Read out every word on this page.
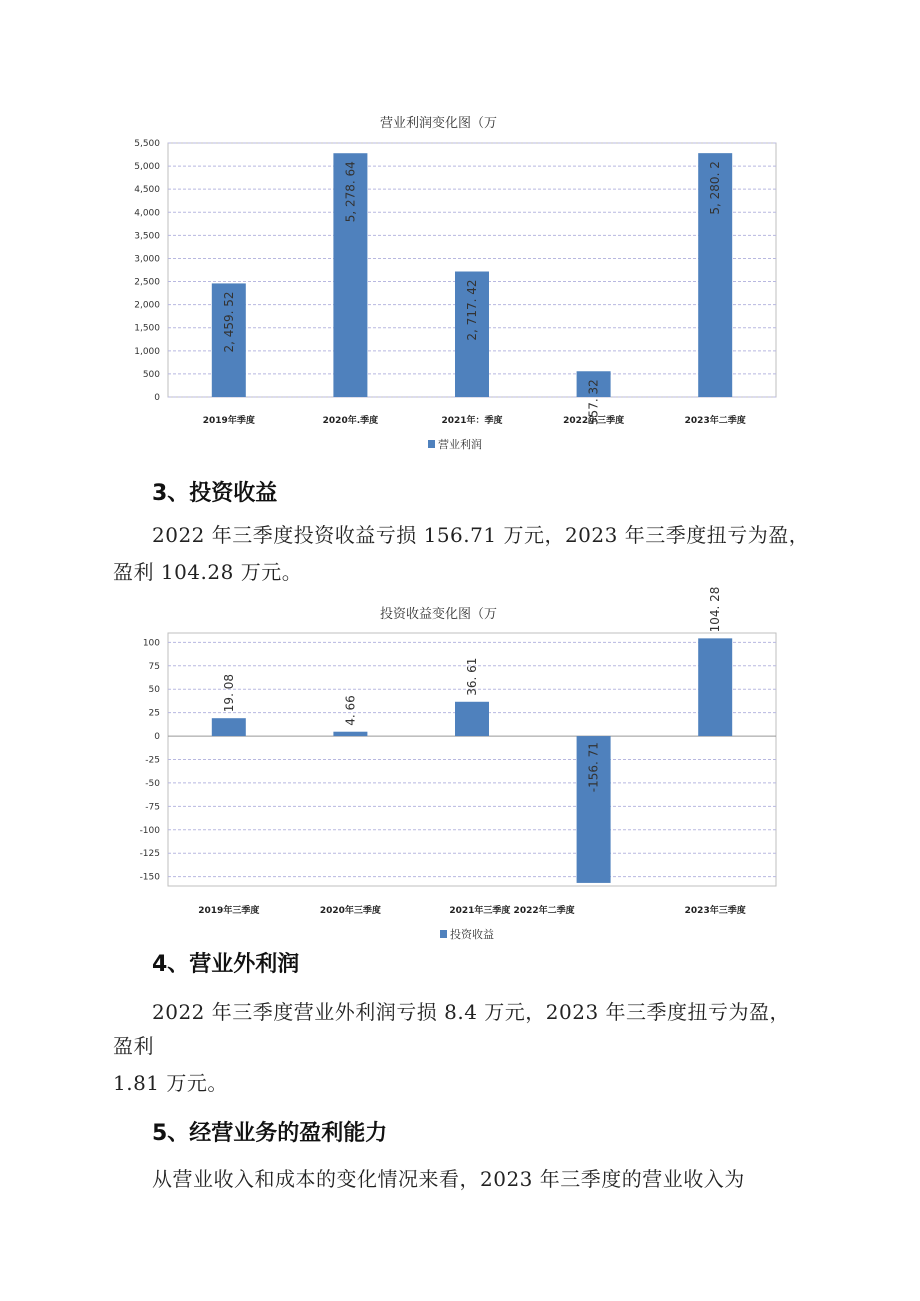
营业利润变化图（万
0
500
1,000
1,500
2,000
2,500
3,000
3,500
4,000
4,500
5,000
5,500
2, 459. 52
2019年季度
5, 278. 64
2020年.季度
2, 717. 42
2021年：季度	557. 32
2022年三季度
5, 280. 2
2023年二季度
营业利润
投资收益变化图（万
-150
-125
-100
-75
-50
-25
0
25
50
75
100
19. 08
2019年三季度
4. 66
2020年三季度
36. 61
2021年三季度 2022年二季度
-156. 71
104. 28
2023年三季度
投资收益
3、投资收益
2022 年三季度投资收益亏损 156.71 万元，2023 年三季度扭亏为盈，
盈利 104.28 万元。
4、营业外利润
2022 年三季度营业外利润亏损 8.4 万元，2023 年三季度扭亏为盈，
盈利
1.81 万元。
5、经营业务的盈利能力
从营业收入和成本的变化情况来看，2023 年三季度的营业收入为
